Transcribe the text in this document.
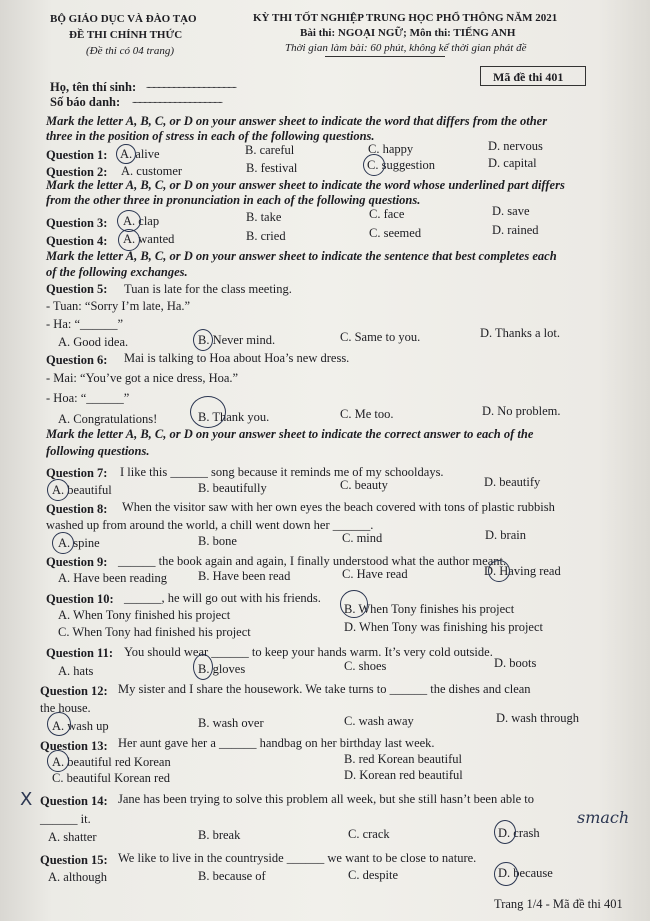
BỘ GIÁO DỤC VÀ ĐÀO TẠO
ĐỀ THI CHÍNH THỨC
(Đề thi có 04 trang)
KỲ THI TỐT NGHIỆP TRUNG HỌC PHỔ THÔNG NĂM 2021
Bài thi: NGOẠI NGỮ; Môn thi: TIẾNG ANH
Thời gian làm bài: 60 phút, không kể thời gian phát đề
Họ, tên thí sinh: ........................................................................
Số báo danh: ........................................................................
Mã đề thi 401
Mark the letter A, B, C, or D on your answer sheet to indicate the word that differs from the other
three in the position of stress in each of the following questions.
Question 1: A. alive	B. careful	C. happy	D. nervous
Question 2: A. customer	B. festival	C. suggestion	D. capital
Mark the letter A, B, C, or D on your answer sheet to indicate the word whose underlined part differs
from the other three in pronunciation in each of the following questions.
Question 3: A. clap	B. take	C. face	D. save
Question 4: A. wanted	B. cried	C. seemed	D. rained
Mark the letter A, B, C, or D on your answer sheet to indicate the sentence that best completes each
of the following exchanges.
Question 5: Tuan is late for the class meeting.
- Tuan: “Sorry I’m late, Ha.”
- Ha: “______”
A. Good idea.	B. Never mind.	C. Same to you.	D. Thanks a lot.
Question 6: Mai is talking to Hoa about Hoa’s new dress.
- Mai: “You’ve got a nice dress, Hoa.”
- Hoa: “______”
A. Congratulations!	B. Thank you.	C. Me too.	D. No problem.
Mark the letter A, B, C, or D on your answer sheet to indicate the correct answer to each of the
following questions.
Question 7: I like this ______ song because it reminds me of my schooldays.
A. beautiful	B. beautifully	C. beauty	D. beautify
Question 8: When the visitor saw with her own eyes the beach covered with tons of plastic rubbish
washed up from around the world, a chill went down her ______.
A. spine	B. bone	C. mind	D. brain
Question 9: ______ the book again and again, I finally understood what the author meant.
A. Have been reading B. Have been read	C. Have read	D. Having read
Question 10: ______, he will go out with his friends.
A. When Tony finished his project	B. When Tony finishes his project
C. When Tony had finished his project	D. When Tony was finishing his project
Question 11: You should wear ______ to keep your hands warm. It’s very cold outside.
A. hats	B. gloves	C. shoes	D. boots
Question 12: My sister and I share the housework. We take turns to ______ the dishes and clean
the house.
A. wash up	B. wash over	C. wash away	D. wash through
Question 13: Her aunt gave her a ______ handbag on her birthday last week.
A. beautiful red Korean	B. red Korean beautiful
C. beautiful Korean red	D. Korean red beautiful
X Question 14: Jane has been trying to solve this problem all week, but she still hasn’t been able to
______ it.
A. shatter	B. break	C. crack	D. crash
smach
Question 15: We like to live in the countryside ______ we want to be close to nature.
A. although	B. because of	C. despite	D. because
Trang 1/4 - Mã đề thi 401
